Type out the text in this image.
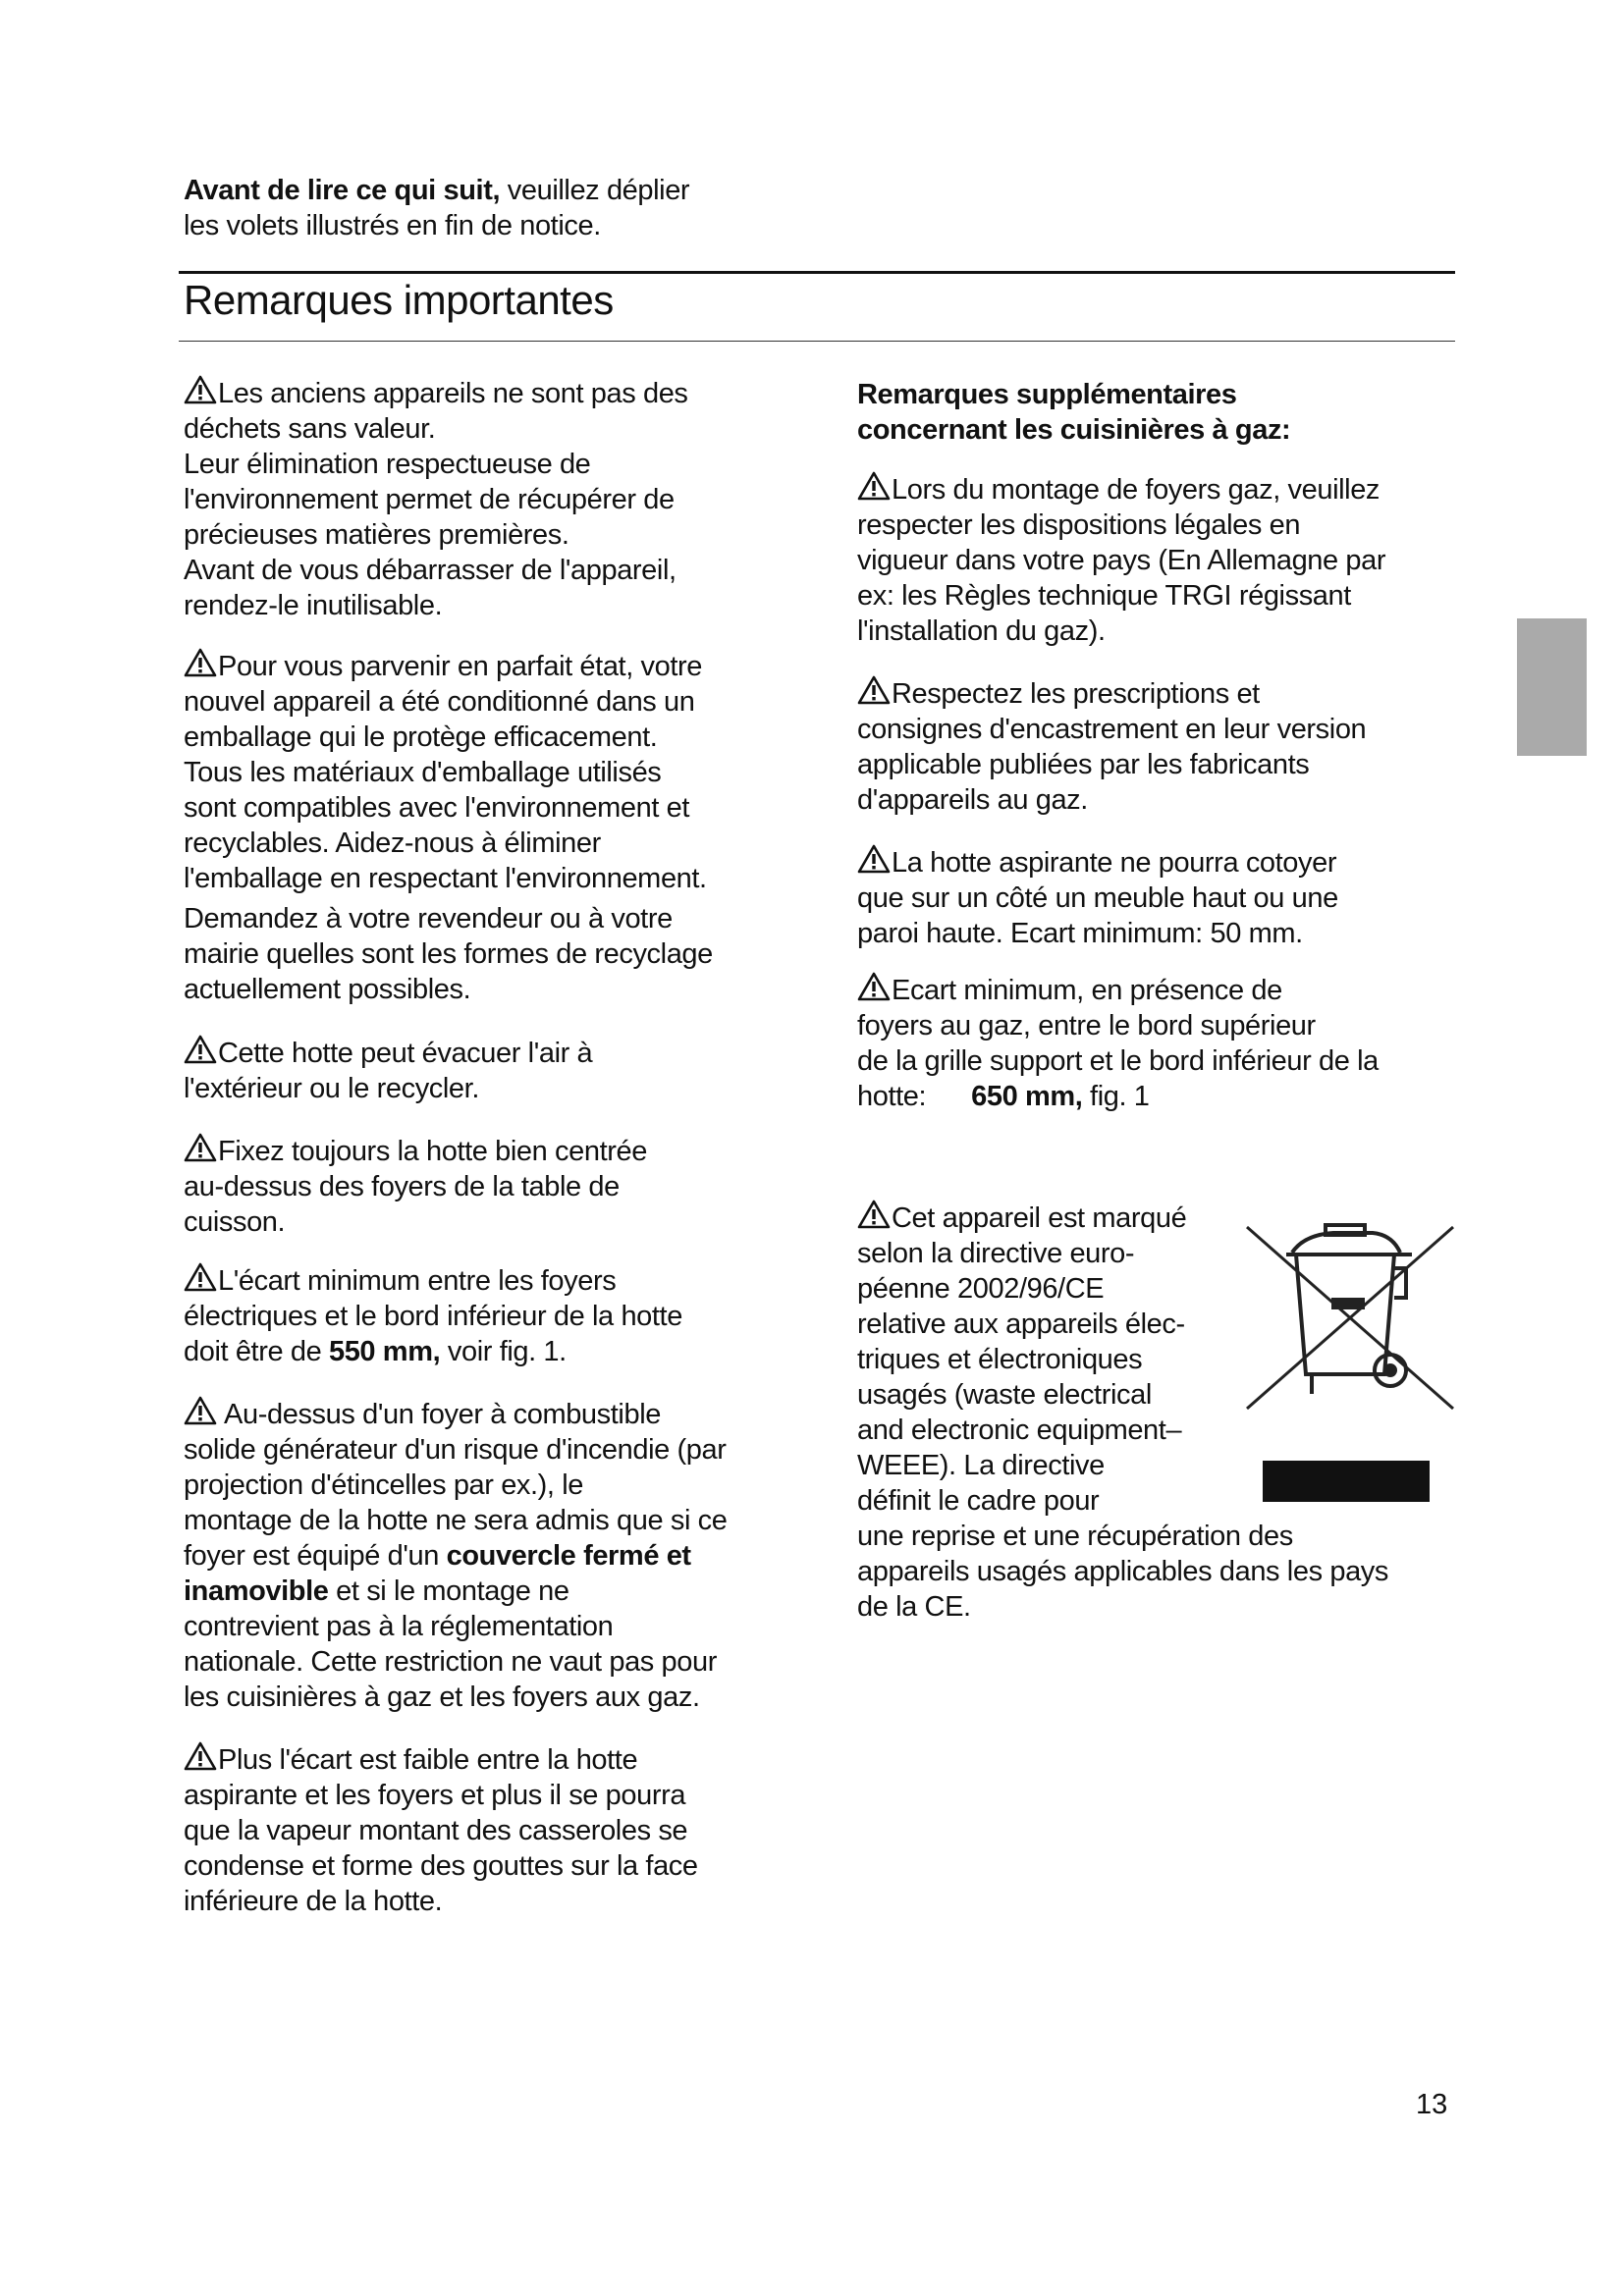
Avant de lire ce qui suit, veuillez déplier
les volets illustrés en fin de notice.
Remarques importantes
Les anciens appareils ne sont pas des
déchets sans valeur.
Leur élimination respectueuse de
l'environnement permet de récupérer de
précieuses matières premières.
Avant de vous débarrasser de l'appareil,
rendez-le inutilisable.
Pour vous parvenir en parfait état, votre
nouvel appareil a été conditionné dans un
emballage qui le protège efficacement.
Tous les matériaux d'emballage utilisés
sont compatibles avec l'environnement et
recyclables. Aidez-nous à éliminer
l'emballage en respectant l'environnement.
Demandez à votre revendeur ou à votre
mairie quelles sont les formes de recyclage
actuellement possibles.
Cette hotte peut évacuer l'air à
l'extérieur ou le recycler.
Fixez toujours la hotte bien centrée
au-dessus des foyers de la table de
cuisson.
L'écart minimum entre les foyers
électriques et le bord inférieur de la hotte
doit être de 550 mm, voir fig. 1.
Au-dessus d'un foyer à combustible
solide générateur d'un risque d'incendie (par
projection d'étincelles par ex.), le
montage de la hotte ne sera admis que si ce
foyer est équipé d'un couvercle fermé et
inamovible et si le montage ne
contrevient pas à la réglementation
nationale. Cette restriction ne vaut pas pour
les cuisinières à gaz et les foyers aux gaz.
Plus l'écart est faible entre la hotte
aspirante et les foyers et plus il se pourra
que la vapeur montant des casseroles se
condense et forme des gouttes sur la face
inférieure de la hotte.
Remarques supplémentaires
concernant les cuisinières à gaz:
Lors du montage de foyers gaz, veuillez
respecter les dispositions légales en
vigueur dans votre pays (En Allemagne par
ex: les Règles technique TRGI régissant
l'installation du gaz).
Respectez les prescriptions et
consignes d'encastrement en leur version
applicable publiées par les fabricants
d'appareils au gaz.
La hotte aspirante ne pourra cotoyer
que sur un côté un meuble haut ou une
paroi haute. Ecart minimum: 50 mm.
Ecart minimum, en présence de
foyers au gaz, entre le bord supérieur
de la grille support et le bord inférieur de la
hotte:      650 mm, fig. 1
Cet appareil est marqué
selon la directive euro-
péenne 2002/96/CE
relative aux appareils élec-
triques et électroniques
usagés (waste electrical
and electronic equipment–
WEEE). La directive
définit le cadre pour
une reprise et une récupération des
appareils usagés applicables dans les pays
de la CE.
13
